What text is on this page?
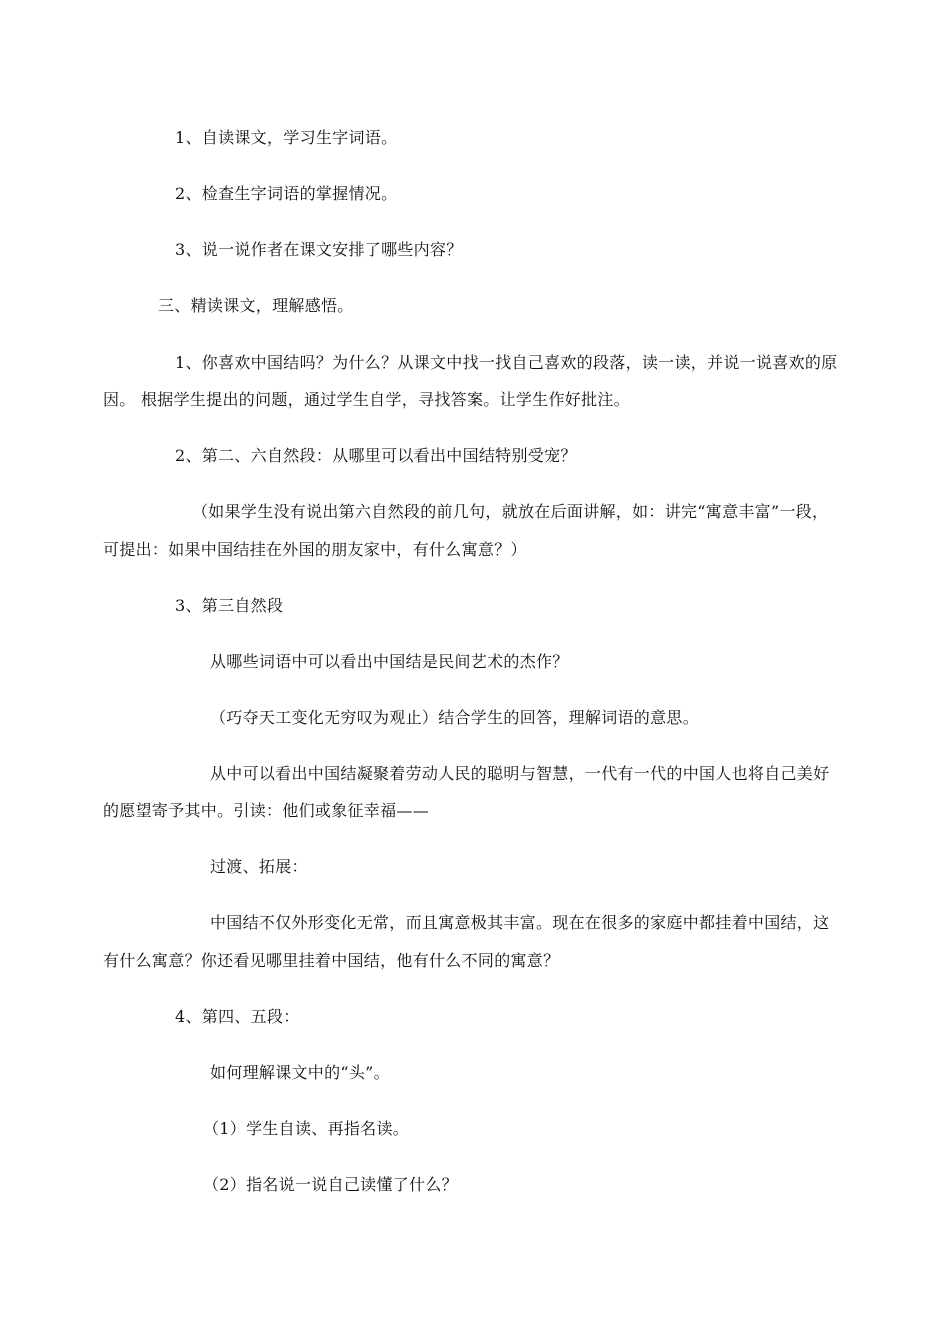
1、自读课文，学习生字词语。
2、检查生字词语的掌握情况。
3、说一说作者在课文安排了哪些内容？
三、精读课文，理解感悟。
1、你喜欢中国结吗？为什么？从课文中找一找自己喜欢的段落，读一读，并说一说喜欢的原
因。 根据学生提出的问题，通过学生自学，寻找答案。让学生作好批注。
2、第二、六自然段：从哪里可以看出中国结特别受宠？
（如果学生没有说出第六自然段的前几句，就放在后面讲解，如：讲完“寓意丰富”一段，
可提出：如果中国结挂在外国的朋友家中，有什么寓意？）
3、第三自然段
从哪些词语中可以看出中国结是民间艺术的杰作？
（巧夺天工变化无穷叹为观止）结合学生的回答，理解词语的意思。
从中可以看出中国结凝聚着劳动人民的聪明与智慧，一代有一代的中国人也将自己美好
的愿望寄予其中。引读：他们或象征幸福——
过渡、拓展：
中国结不仅外形变化无常，而且寓意极其丰富。现在在很多的家庭中都挂着中国结，这
有什么寓意？你还看见哪里挂着中国结，他有什么不同的寓意？
4、第四、五段：
如何理解课文中的“头”。
（1）学生自读、再指名读。
（2）指名说一说自己读懂了什么？
